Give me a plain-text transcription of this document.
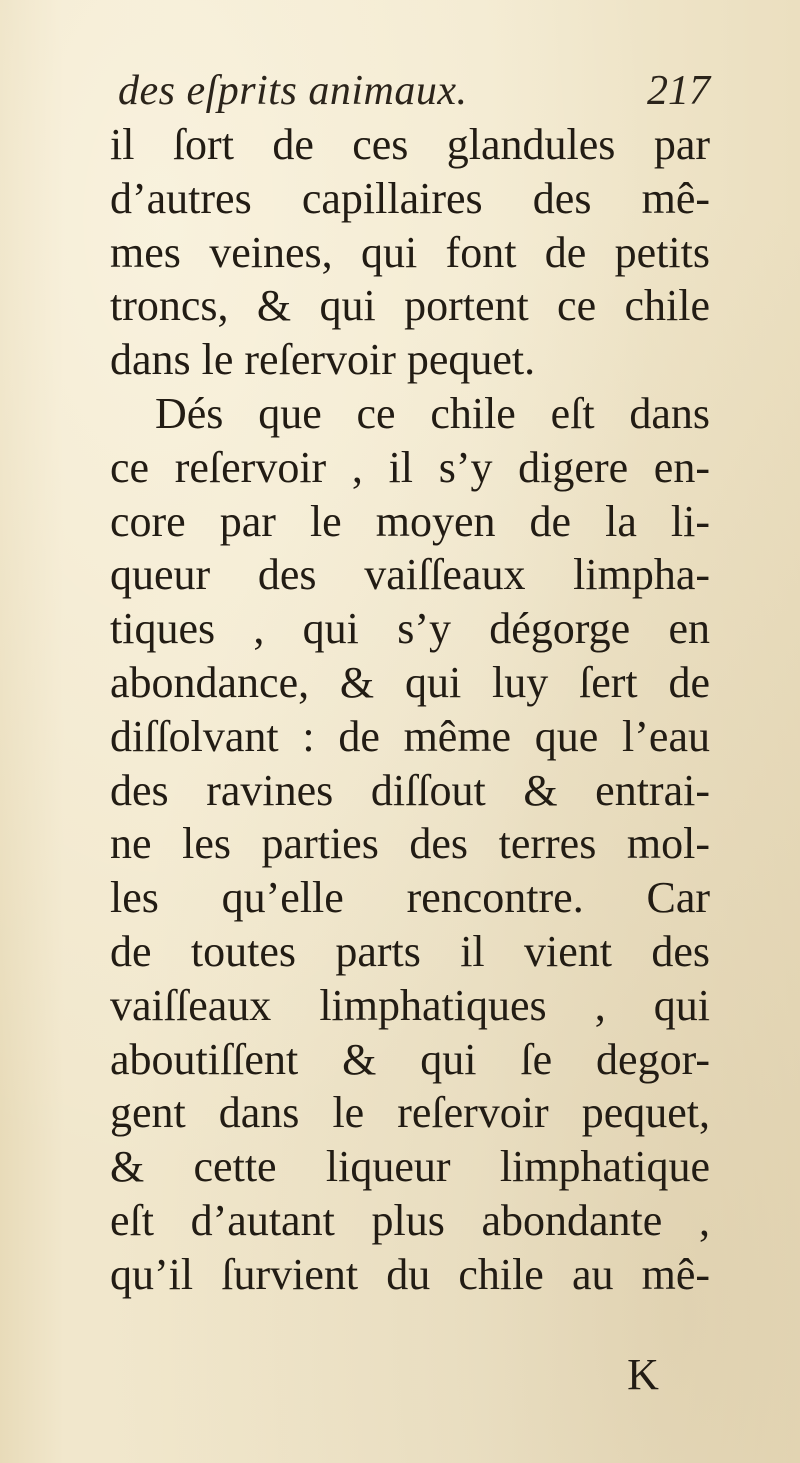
des eſprits animaux.	217
il ſort de ces glandules par
d’autres capillaires des mê-
mes veines, qui font de petits
troncs, & qui portent ce chile
dans le reſervoir pequet.
Dés que ce chile eſt dans
ce reſervoir , il s’y digere en-
core par le moyen de la li-
queur des vaiſſeaux limpha-
tiques , qui s’y dégorge en
abondance, & qui luy ſert de
diſſolvant : de même que l’eau
des ravines diſſout & entrai-
ne les parties des terres mol-
les qu’elle rencontre. Car
de toutes parts il vient des
vaiſſeaux limphatiques , qui
aboutiſſent & qui ſe degor-
gent dans le reſervoir pequet,
& cette liqueur limphatique
eſt d’autant plus abondante ,
qu’il ſurvient du chile au mê-
K
